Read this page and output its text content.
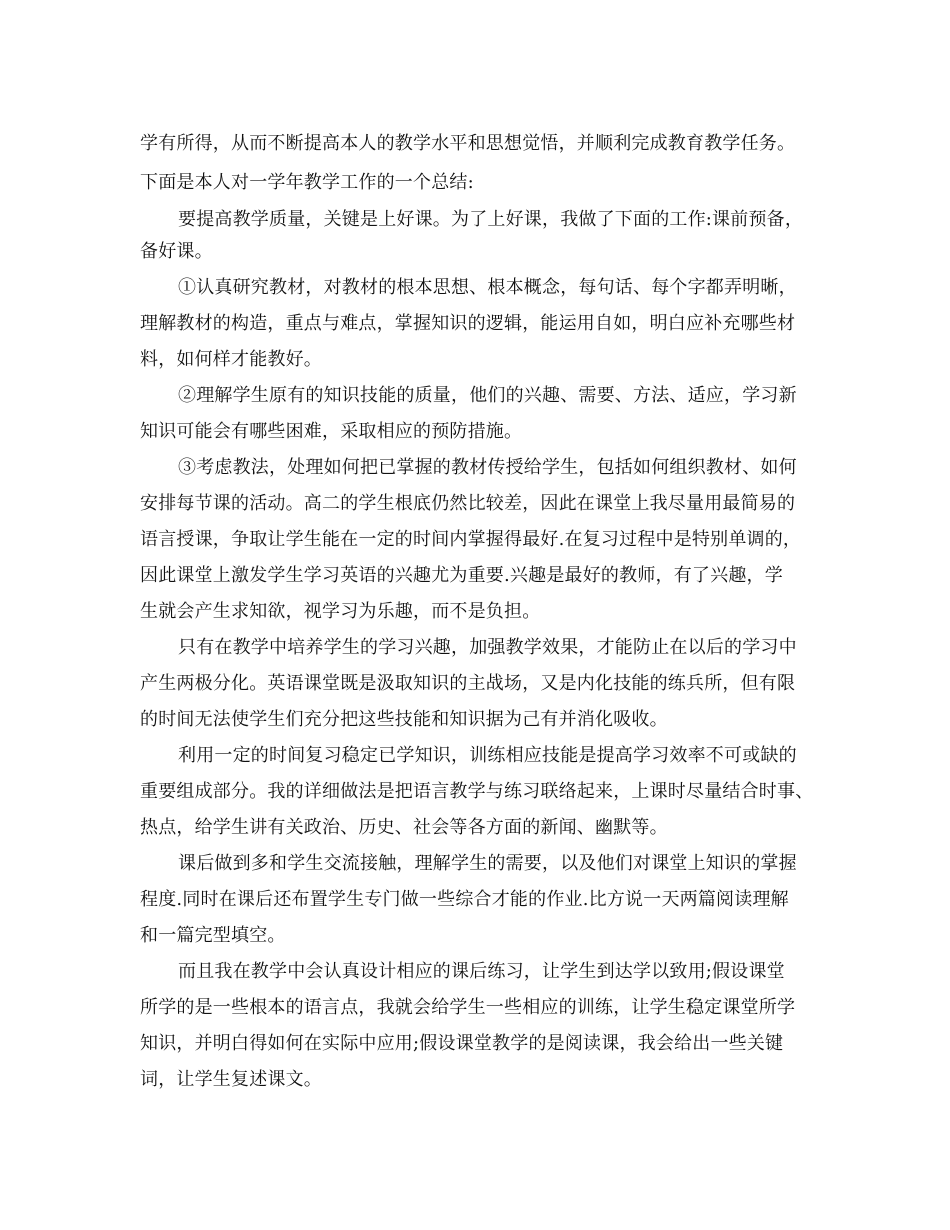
学有所得，从而不断提高本人的教学水平和思想觉悟，并顺利完成教育教学任务。
下面是本人对一学年教学工作的一个总结:
要提高教学质量，关键是上好课。为了上好课，我做了下面的工作:课前预备，
备好课。
①认真研究教材，对教材的根本思想、根本概念，每句话、每个字都弄明晰，
理解教材的构造，重点与难点，掌握知识的逻辑，能运用自如，明白应补充哪些材
料，如何样才能教好。
②理解学生原有的知识技能的质量，他们的兴趣、需要、方法、适应，学习新
知识可能会有哪些困难，采取相应的预防措施。
③考虑教法，处理如何把已掌握的教材传授给学生，包括如何组织教材、如何
安排每节课的活动。高二的学生根底仍然比较差，因此在课堂上我尽量用最简易的
语言授课，争取让学生能在一定的时间内掌握得最好.在复习过程中是特别单调的，
因此课堂上激发学生学习英语的兴趣尤为重要.兴趣是最好的教师，有了兴趣，学
生就会产生求知欲，视学习为乐趣，而不是负担。
只有在教学中培养学生的学习兴趣，加强教学效果，才能防止在以后的学习中
产生两极分化。英语课堂既是汲取知识的主战场，又是内化技能的练兵所，但有限
的时间无法使学生们充分把这些技能和知识据为己有并消化吸收。
利用一定的时间复习稳定已学知识，训练相应技能是提高学习效率不可或缺的
重要组成部分。我的详细做法是把语言教学与练习联络起来，上课时尽量结合时事、
热点，给学生讲有关政治、历史、社会等各方面的新闻、幽默等。
课后做到多和学生交流接触，理解学生的需要，以及他们对课堂上知识的掌握
程度.同时在课后还布置学生专门做一些综合才能的作业.比方说一天两篇阅读理解
和一篇完型填空。
而且我在教学中会认真设计相应的课后练习，让学生到达学以致用;假设课堂
所学的是一些根本的语言点，我就会给学生一些相应的训练，让学生稳定课堂所学
知识，并明白得如何在实际中应用;假设课堂教学的是阅读课，我会给出一些关键
词，让学生复述课文。
